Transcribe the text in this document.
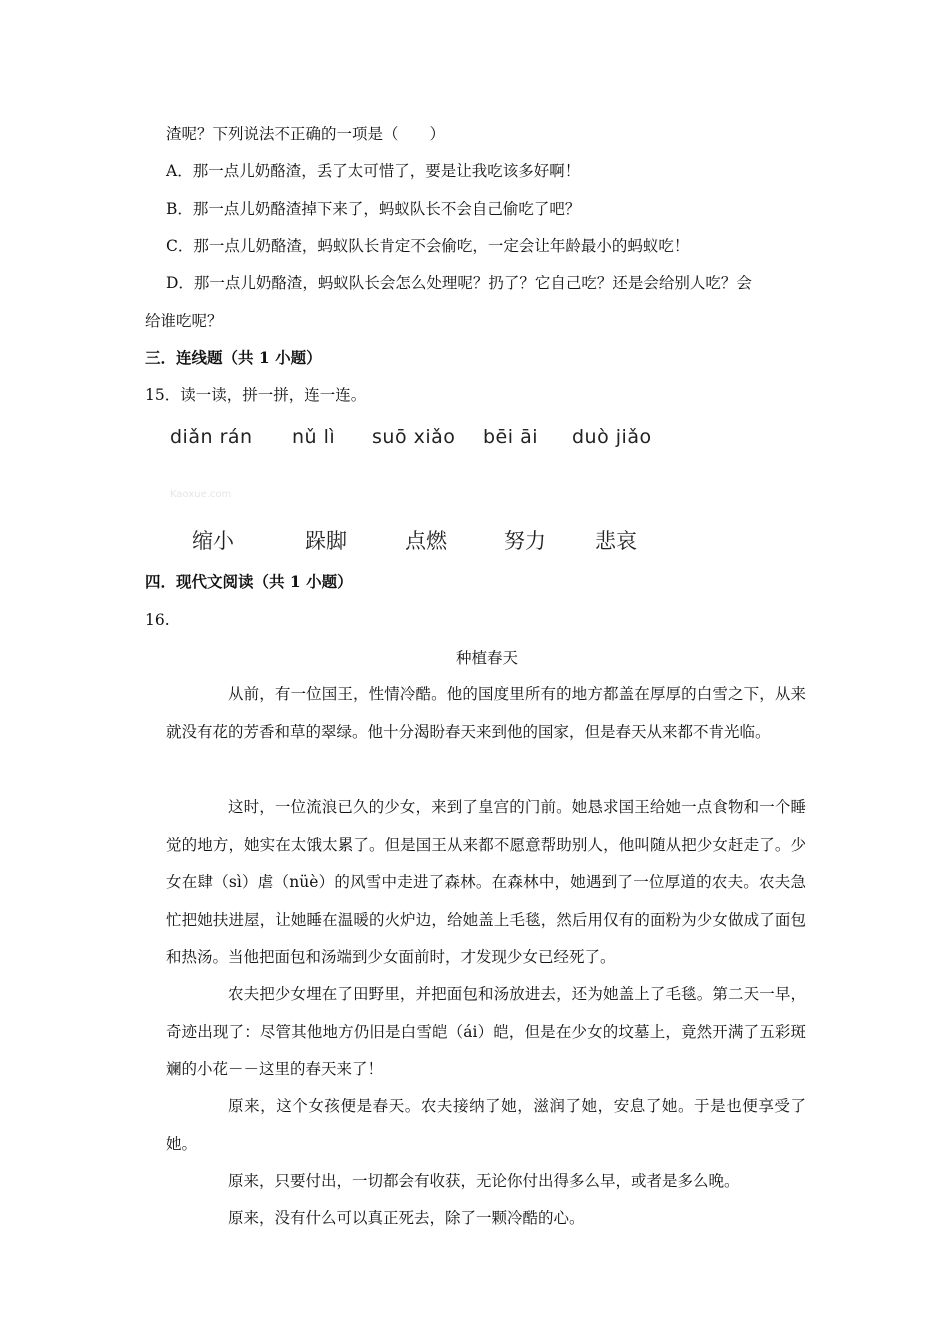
渣呢？下列说法不正确的一项是（　　）
A．那一点儿奶酪渣，丢了太可惜了，要是让我吃该多好啊！
B．那一点儿奶酪渣掉下来了，蚂蚁队长不会自己偷吃了吧？
C．那一点儿奶酪渣，蚂蚁队长肯定不会偷吃，一定会让年龄最小的蚂蚁吃！
D．那一点儿奶酪渣，蚂蚁队长会怎么处理呢？扔了？它自己吃？还是会给别人吃？会
给谁吃呢？
三．连线题（共 1 小题）
15．读一读，拼一拼，连一连。
diǎn rán nǔ lì suō xiǎo bēi āi duò jiǎo
Kaoxue.com
缩小	跺脚	点燃	努力 悲哀
四．现代文阅读（共 1 小题）
16.
种植春天
从前，有一位国王，性情冷酷。他的国度里所有的地方都盖在厚厚的白雪之下，从来就没有花的芳香和草的翠绿。他十分渴盼春天来到他的国家，但是春天从来都不肯光临。
这时，一位流浪已久的少女，来到了皇宫的门前。她恳求国王给她一点食物和一个睡觉的地方，她实在太饿太累了。但是国王从来都不愿意帮助别人，他叫随从把少女赶走了。少女在肆（sì）虐（nüè）的风雪中走进了森林。在森林中，她遇到了一位厚道的农夫。农夫急忙把她扶进屋，让她睡在温暖的火炉边，给她盖上毛毯，然后用仅有的面粉为少女做成了面包和热汤。当他把面包和汤端到少女面前时，才发现少女已经死了。
农夫把少女埋在了田野里，并把面包和汤放进去，还为她盖上了毛毯。第二天一早，奇迹出现了：尽管其他地方仍旧是白雪皑（ái）皑，但是在少女的坟墓上，竟然开满了五彩斑斓的小花－－这里的春天来了！
原来，这个女孩便是春天。农夫接纳了她，滋润了她，安息了她。于是也便享受了她。
原来，只要付出，一切都会有收获，无论你付出得多么早，或者是多么晚。
原来，没有什么可以真正死去，除了一颗冷酷的心。
